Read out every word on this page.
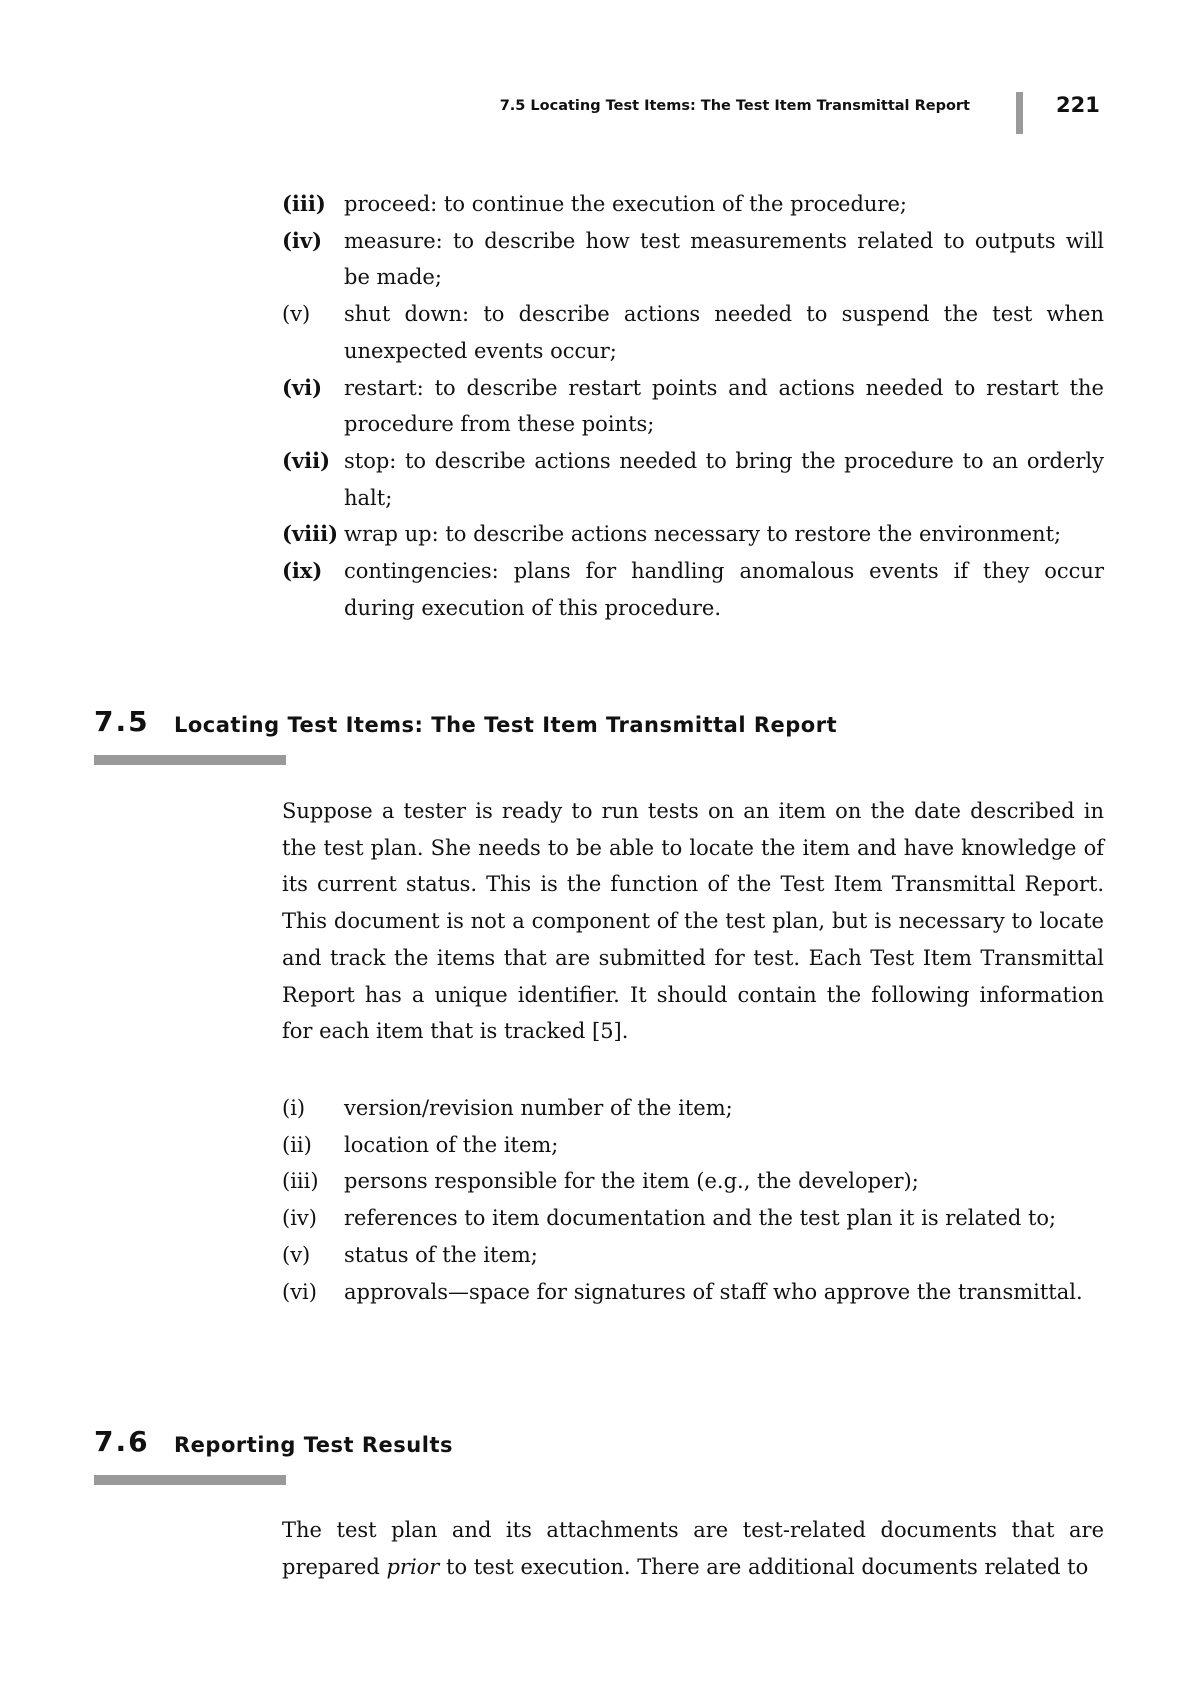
7.5 Locating Test Items: The Test Item Transmittal Report	221
(iii) proceed: to continue the execution of the procedure;
(iv)	measure: to describe how test measurements related to outputs will be made;
(v)	shut down: to describe actions needed to suspend the test when unexpected events occur;
(vi)	restart: to describe restart points and actions needed to restart the procedure from these points;
(vii) stop: to describe actions needed to bring the procedure to an orderly halt;
(viii) wrap up: to describe actions necessary to restore the environment;
(ix)	contingencies: plans for handling anomalous events if they occur during execution of this procedure.
7.5 Locating Test Items: The Test Item Transmittal Report

Suppose a tester is ready to run tests on an item on the date described in the test plan. She needs to be able to locate the item and have knowledge of its current status. This is the function of the Test Item Transmittal Report. This document is not a component of the test plan, but is necessary to locate and track the items that are submitted for test. Each Test Item Transmittal Report has a unique identifier. It should contain the following information for each item that is tracked [5].

(i)	version/revision number of the item;
(ii)	location of the item;
(iii)	persons responsible for the item (e.g., the developer);
(iv)	references to item documentation and the test plan it is related to;
(v)	status of the item;
(vi)	approvals—space for signatures of staff who approve the transmittal.
7.6 Reporting Test Results

The test plan and its attachments are test-related documents that are prepared prior to test execution. There are additional documents related to
